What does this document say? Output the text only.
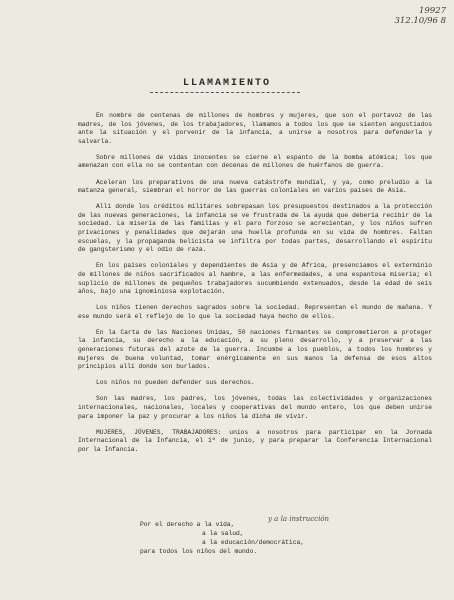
19927
312.10/96 8
LLAMAMIENTO

En nombre de centenas de millones de hombres y mujeres, que son el portavoz de las madres, de los jóvenes, de los trabajadores, llamamos a todos los que se sienten angustiados ante la situación y el porvenir de la infancia, a unirse a nosotros para defenderla y salvarla.

Sobre millones de vidas inocentes se cierne el espanto de la bomba atómica; los que amenazan con ella no se contentan con decenas de millones de huérfanos de guerra.

Aceleran los preparativos de una nueva catástrofe mundial, y ya, como preludio a la matanza general, siembran el horror de las guerras coloniales en varios países de Asia.

Allí donde los créditos militares sobrepasan los presupuestos destinados a la protección de las nuevas generaciones, la infancia se ve frustrada de la ayuda que debería recibir de la sociedad. La miseria de las familias y el paro forzoso se acrecientan, y los niños sufren privaciones y penalidades que dejarán una huella profunda en su vida de hombres. Faltan escuelas, y la propaganda belicista se infiltra por todas partes, desarrollando el espíritu de gangsterismo y el odio de raza.

En los países coloniales y dependientes de Asia y de Africa, presenciamos el exterminio de millones de niños sacrificados al hambre, a las enfermedades, a una espantosa miseria; el suplicio de millones de pequeños trabajadores sucumbiendo extenuados, desde la edad de seis años, bajo una ignominiosa explotación.

Los niños tienen derechos sagrados sobre la sociedad. Representan el mundo de mañana. Y ese mundo será el reflejo de lo que la sociedad haya hecho de ellos.

En la Carta de las Naciones Unidas, 50 naciones firmantes se comprometieron a proteger la infancia, su derecho a la educación, a su pleno desarrollo, y a preservar a las generaciones futuras del azote de la guerra. Incumbe a los pueblos, a todos los hombres y mujeres de buena voluntad, tomar enérgicamente en sus manos la defensa de esos altos principios allí donde son burlados.

Los niños no pueden defender sus derechos.

Son las madres, los padres, los jóvenes, todas las colectividades y organizaciones internacionales, nacionales, locales y cooperativas del mundo entero, los que deben unirse para imponer la paz y procurar a los niños la dicha de vivir.

MUJERES, JÓVENES, TRABAJADORES: unios a nosotros para participar en la Jornada Internacional de la Infancia, el 1º de junio, y para preparar la Conferencia Internacional por la Infancia.

y a la instrucción
Por el derecho a la vida,
a la salud,
a la educación/democrática,
para todos los niños del mundo.
